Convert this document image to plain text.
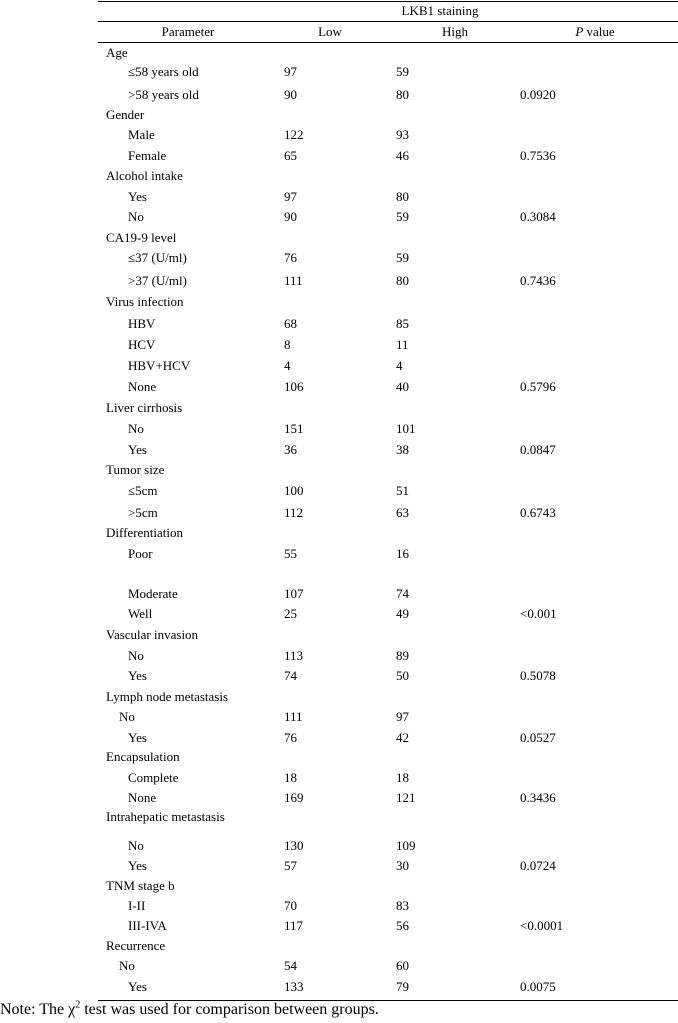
LKB1 staining
Parameter	Low	High	P value
Age
≤58 years old	97	59
>58 years old	90	80	0.0920
Gender
Male	122	93
Female	65	46	0.7536
Alcohol intake
Yes	97	80
No	90	59	0.3084
CA19-9 level
≤37 (U/ml)	76	59
>37 (U/ml)	111	80	0.7436
Virus infection
HBV	68	85
HCV	8	11
HBV+HCV	4	4
None	106	40	0.5796
Liver cirrhosis
No	151	101
Yes	36	38	0.0847
Tumor size
≤5cm	100	51
>5cm	112	63	0.6743
Differentiation
Poor	55	16
Moderate	107	74
Well	25	49	<0.001
Vascular invasion
No	113	89
Yes	74	50	0.5078
Lymph node metastasis
No	111	97
Yes	76	42	0.0527
Encapsulation
Complete	18	18
None	169	121	0.3436
Intrahepatic metastasis
No	130	109
Yes	57	30	0.0724
TNM stage b
I-II	70	83
III-IVA	117	56	<0.0001
Recurrence
No	54	60
Yes	133	79	0.0075
Note: The $\chi^2$ test was used for comparison between groups.
